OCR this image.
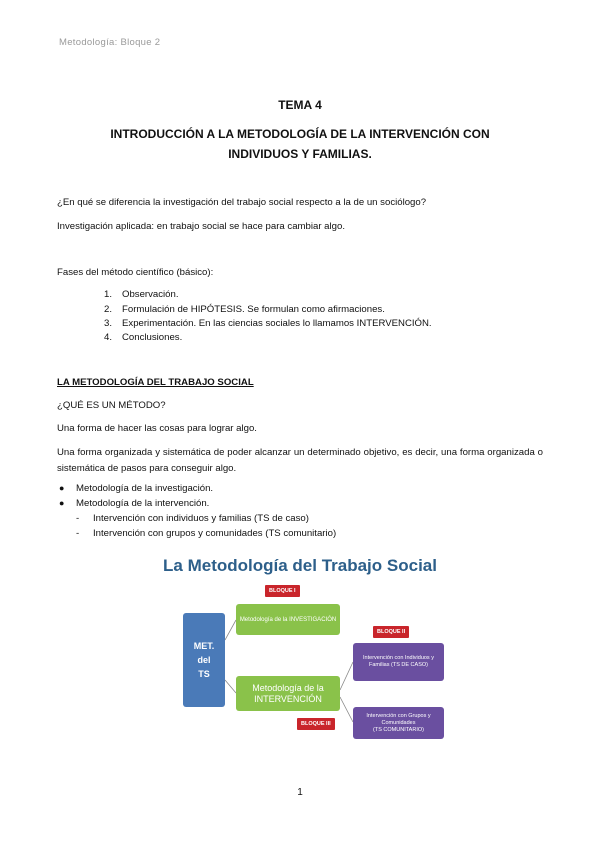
Metodología: Bloque 2
TEMA 4
INTRODUCCIÓN A LA METODOLOGÍA DE LA INTERVENCIÓN CON INDIVIDUOS Y FAMILIAS.
¿En qué se diferencia la investigación del trabajo social respecto a la de un sociólogo?
Investigación aplicada: en trabajo social se hace para cambiar algo.
Fases del método científico (básico):
1. Observación.
2. Formulación de HIPÓTESIS. Se formulan como afirmaciones.
3. Experimentación. En las ciencias sociales lo llamamos INTERVENCIÓN.
4. Conclusiones.
LA METODOLOGÍA DEL TRABAJO SOCIAL
¿QUÉ ES UN MÉTODO?
Una forma de hacer las cosas para lograr algo.
Una forma organizada y sistemática de poder alcanzar un determinado objetivo, es decir, una forma organizada o sistemática de pasos para conseguir algo.
● Metodología de la investigación.
● Metodología de la intervención.
- Intervención con individuos y familias (TS de caso)
- Intervención con grupos y comunidades (TS comunitario)
La Metodología del Trabajo Social
MET.
del
TS
BLOQUE I
Metodología de la INVESTIGACIÓN
Metodología de la
INTERVENCIÓN
BLOQUE II
Intervención con Individuos y
Familias (TS DE CASO)
BLOQUE III
Intervención con Grupos y
Comunidades
(TS COMUNITARIO)
1
